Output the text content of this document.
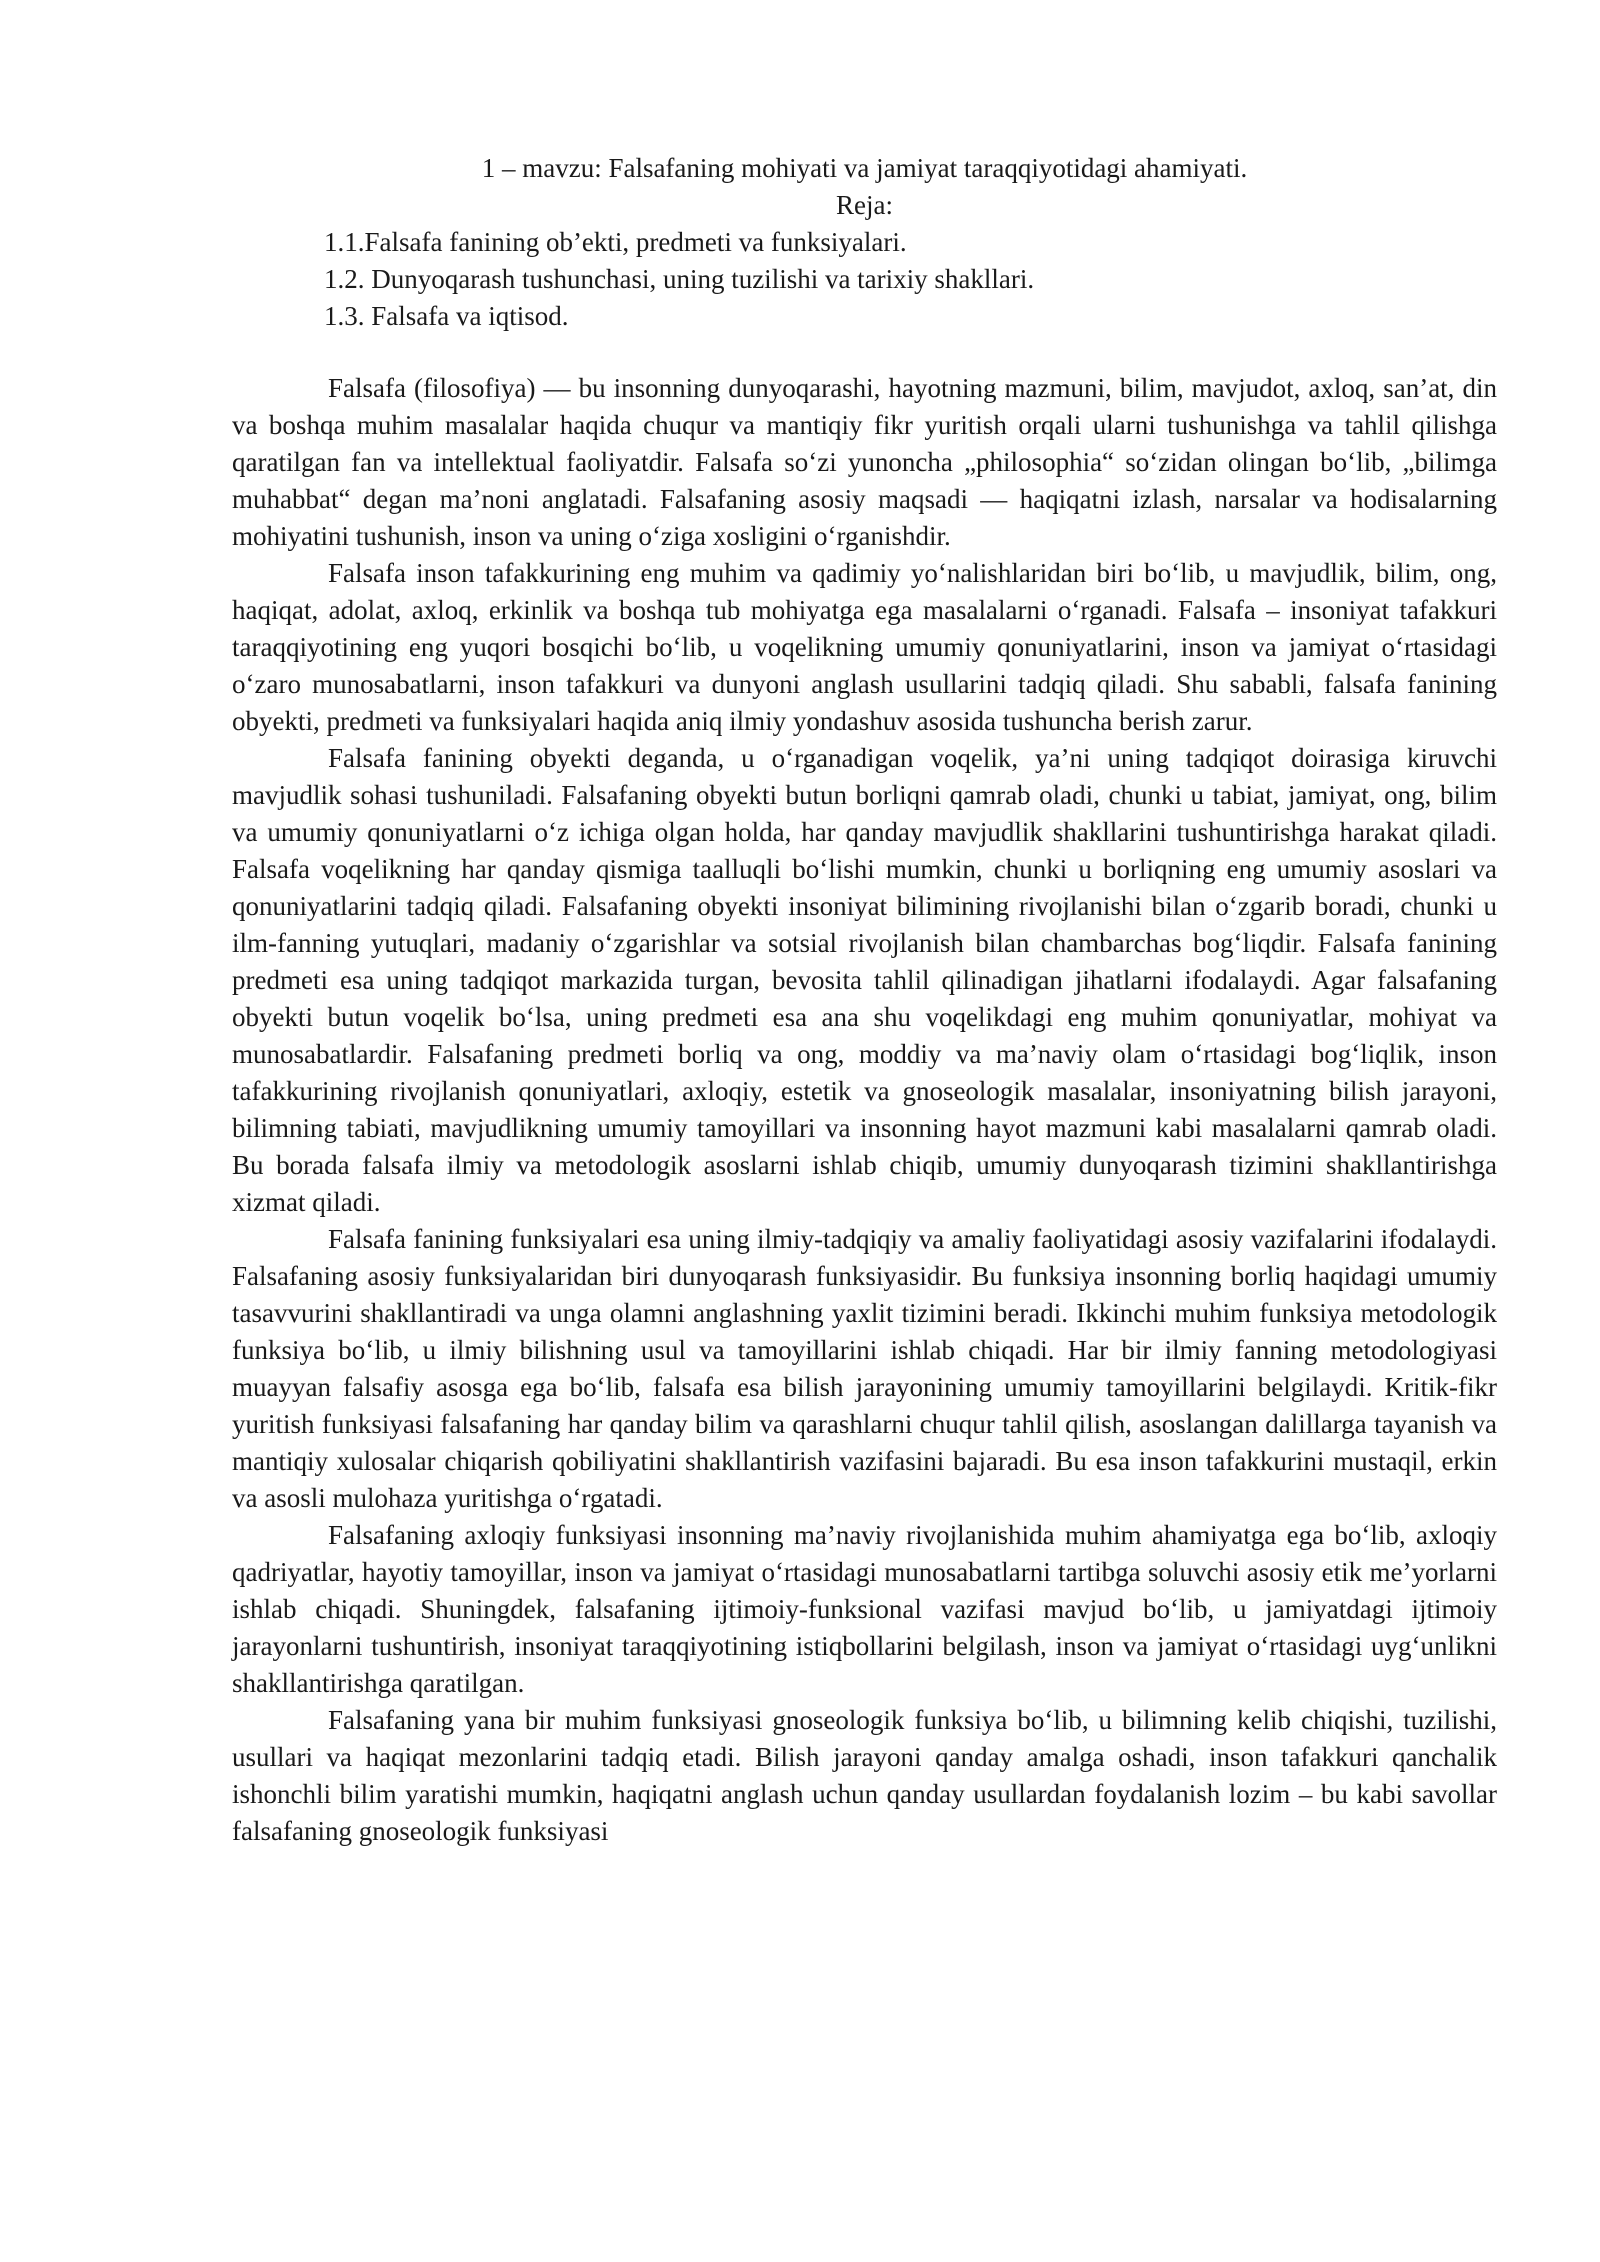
1 – mavzu: Falsafaning mohiyati va jamiyat taraqqiyotidagi ahamiyati.

Reja:

1.1.Falsafa fanining ob’ekti, predmeti va funksiyalari.
1.2. Dunyoqarash tushunchasi, uning tuzilishi va tarixiy shakllari.
1.3. Falsafa va iqtisod.

Falsafa (filosofiya) — bu insonning dunyoqarashi, hayotning mazmuni, bilim, mavjudot, axloq, san’at, din va boshqa muhim masalalar haqida chuqur va mantiqiy fikr yuritish orqali ularni tushunishga va tahlil qilishga qaratilgan fan va intellektual faoliyatdir. Falsafa so‘zi yunoncha „philosophia“ so‘zidan olingan bo‘lib, „bilimga muhabbat“ degan ma’noni anglatadi. Falsafaning asosiy maqsadi — haqiqatni izlash, narsalar va hodisalarning mohiyatini tushunish, inson va uning o‘ziga xosligini o‘rganishdir.

Falsafa inson tafakkurining eng muhim va qadimiy yo‘nalishlaridan biri bo‘lib, u mavjudlik, bilim, ong, haqiqat, adolat, axloq, erkinlik va boshqa tub mohiyatga ega masalalarni o‘rganadi. Falsafa – insoniyat tafakkuri taraqqiyotining eng yuqori bosqichi bo‘lib, u voqelikning umumiy qonuniyatlarini, inson va jamiyat o‘rtasidagi o‘zaro munosabatlarni, inson tafakkuri va dunyoni anglash usullarini tadqiq qiladi. Shu sababli, falsafa fanining obyekti, predmeti va funksiyalari haqida aniq ilmiy yondashuv asosida tushuncha berish zarur.

Falsafa fanining obyekti deganda, u o‘rganadigan voqelik, ya’ni uning tadqiqot doirasiga kiruvchi mavjudlik sohasi tushuniladi. Falsafaning obyekti butun borliqni qamrab oladi, chunki u tabiat, jamiyat, ong, bilim va umumiy qonuniyatlarni o‘z ichiga olgan holda, har qanday mavjudlik shakllarini tushuntirishga harakat qiladi. Falsafa voqelikning har qanday qismiga taalluqli bo‘lishi mumkin, chunki u borliqning eng umumiy asoslari va qonuniyatlarini tadqiq qiladi. Falsafaning obyekti insoniyat bilimining rivojlanishi bilan o‘zgarib boradi, chunki u ilm-fanning yutuqlari, madaniy o‘zgarishlar va sotsial rivojlanish bilan chambarchas bog‘liqdir. Falsafa fanining predmeti esa uning tadqiqot markazida turgan, bevosita tahlil qilinadigan jihatlarni ifodalaydi. Agar falsafaning obyekti butun voqelik bo‘lsa, uning predmeti esa ana shu voqelikdagi eng muhim qonuniyatlar, mohiyat va munosabatlardir. Falsafaning predmeti borliq va ong, moddiy va ma’naviy olam o‘rtasidagi bog‘liqlik, inson tafakkurining rivojlanish qonuniyatlari, axloqiy, estetik va gnoseologik masalalar, insoniyatning bilish jarayoni, bilimning tabiati, mavjudlikning umumiy tamoyillari va insonning hayot mazmuni kabi masalalarni qamrab oladi. Bu borada falsafa ilmiy va metodologik asoslarni ishlab chiqib, umumiy dunyoqarash tizimini shakllantirishga xizmat qiladi.

Falsafa fanining funksiyalari esa uning ilmiy-tadqiqiy va amaliy faoliyatidagi asosiy vazifalarini ifodalaydi. Falsafaning asosiy funksiyalaridan biri dunyoqarash funksiyasidir. Bu funksiya insonning borliq haqidagi umumiy tasavvurini shakllantiradi va unga olamni anglashning yaxlit tizimini beradi. Ikkinchi muhim funksiya metodologik funksiya bo‘lib, u ilmiy bilishning usul va tamoyillarini ishlab chiqadi. Har bir ilmiy fanning metodologiyasi muayyan falsafiy asosga ega bo‘lib, falsafa esa bilish jarayonining umumiy tamoyillarini belgilaydi. Kritik-fikr yuritish funksiyasi falsafaning har qanday bilim va qarashlarni chuqur tahlil qilish, asoslangan dalillarga tayanish va mantiqiy xulosalar chiqarish qobiliyatini shakllantirish vazifasini bajaradi. Bu esa inson tafakkurini mustaqil, erkin va asosli mulohaza yuritishga o‘rgatadi.

Falsafaning axloqiy funksiyasi insonning ma’naviy rivojlanishida muhim ahamiyatga ega bo‘lib, axloqiy qadriyatlar, hayotiy tamoyillar, inson va jamiyat o‘rtasidagi munosabatlarni tartibga soluvchi asosiy etik me’yorlarni ishlab chiqadi. Shuningdek, falsafaning ijtimoiy-funksional vazifasi mavjud bo‘lib, u jamiyatdagi ijtimoiy jarayonlarni tushuntirish, insoniyat taraqqiyotining istiqbollarini belgilash, inson va jamiyat o‘rtasidagi uyg‘unlikni shakllantirishga qaratilgan.

Falsafaning yana bir muhim funksiyasi gnoseologik funksiya bo‘lib, u bilimning kelib chiqishi, tuzilishi, usullari va haqiqat mezonlarini tadqiq etadi. Bilish jarayoni qanday amalga oshadi, inson tafakkuri qanchalik ishonchli bilim yaratishi mumkin, haqiqatni anglash uchun qanday usullardan foydalanish lozim – bu kabi savollar falsafaning gnoseologik funksiyasi
